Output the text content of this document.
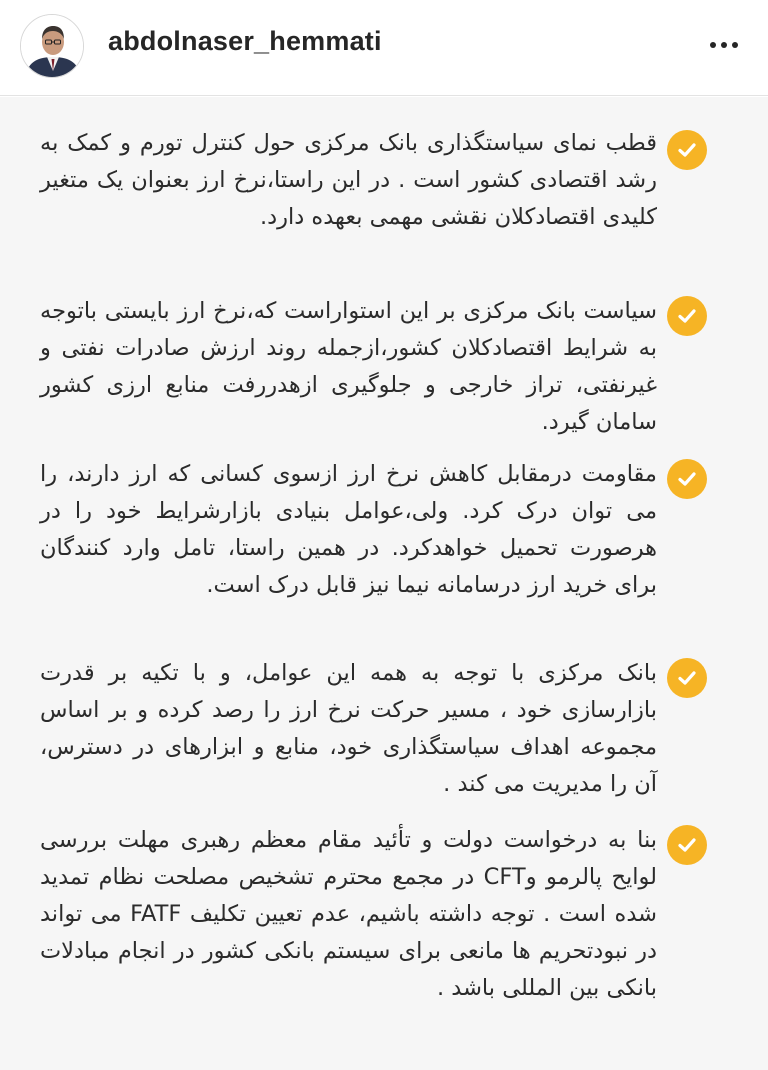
abdolnaser_hemmati

قطب نمای سیاستگذاری بانک مرکزی حول کنترل تورم و کمک به رشد اقتصادی کشور است . در این راستا،نرخ ارز بعنوان یک متغیر کلیدی اقتصادکلان نقشی مهمی بعهده دارد.

سیاست بانک مرکزی بر این استواراست که،نرخ ارز بایستی باتوجه به شرایط اقتصادکلان کشور،ازجمله روند ارزش صادرات نفتی و غیرنفتی، تراز خارجی و جلوگیری ازهدررفت منابع ارزی کشور سامان گیرد.

مقاومت درمقابل کاهش نرخ ارز ازسوی کسانی که ارز دارند، را می توان درک کرد. ولی،عوامل بنیادی بازارشرایط خود را در هرصورت تحمیل خواهدکرد. در همین راستا، تامل وارد کنندگان برای خرید ارز درسامانه نیما نیز قابل درک است.

بانک مرکزی با توجه به همه این عوامل، و با تکیه بر قدرت بازارسازی خود ، مسیر حرکت نرخ ارز را رصد کرده و بر اساس مجموعه اهداف سیاستگذاری خود، منابع و ابزارهای در دسترس، آن را مدیریت می کند .

بنا به درخواست دولت و تأئید مقام معظم رهبری مهلت بررسی لوایح پالرمو وCFT در مجمع محترم تشخیص مصلحت نظام تمدید شده است . توجه داشته باشیم، عدم تعیین تکلیف FATF می تواند در نبودتحریم ها مانعی برای سیستم بانکی کشور در انجام مبادلات بانکی بین المللی باشد .
